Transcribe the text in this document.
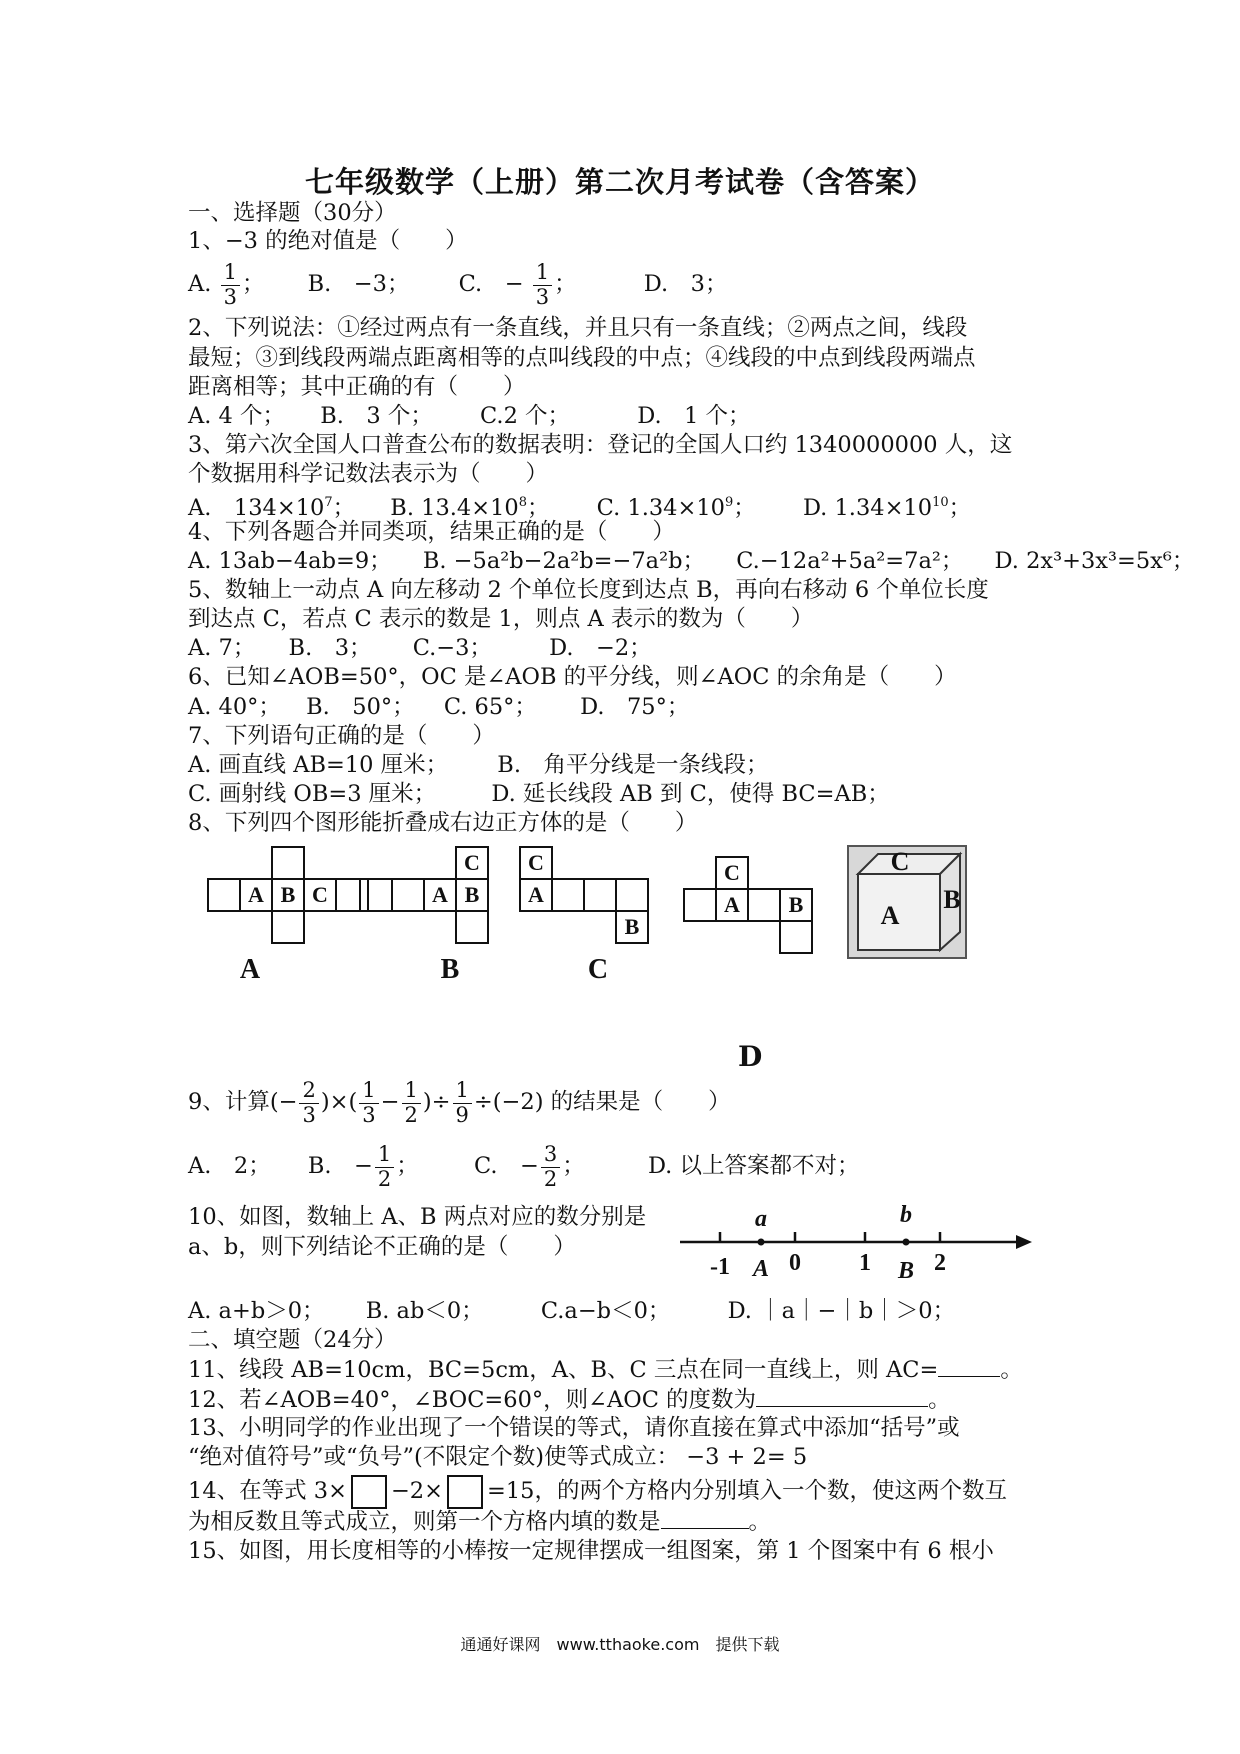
七年级数学（上册）第二次月考试卷（含答案）
一、选择题（30分）
1、−3 的绝对值是（　　）
A. $\frac{1}{3}$ ； B.　−3； C.　− $\frac{1}{3}$ ；	D.　3；
2、下列说法：①经过两点有一条直线，并且只有一条直线；②两点之间，线段
最短；③到线段两端点距离相等的点叫线段的中点；④线段的中点到线段两端点
距离相等；其中正确的有（　　）
A. 4 个； B.　3 个； C.2 个；	D.　1 个；
3、第六次全国人口普查公布的数据表明：登记的全国人口约 1340000000 人，这
个数据用科学记数法表示为（　　）
A.　$134\times 10^7$； B. $13.4\times 10^8$； C. $1.34\times 10^9$； D. $1.34\times 10^{10}$；
4、下列各题合并同类项，结果正确的是（　　）
A. 13ab−4ab=9； B. −5a²b−2a²b=−7a²b； C.−12a²+5a²=7a²； D. 2x³+3x³=5x⁶；
5、数轴上一动点 A 向左移动 2 个单位长度到达点 B，再向右移动 6 个单位长度
到达点 C，若点 C 表示的数是 1，则点 A 表示的数为（　　）
A. 7； B.　3； C.−3；	D.　−2；
6、已知∠AOB=50°，OC 是∠AOB 的平分线，则∠AOC 的余角是（　　）
A. 40°； B.　50°； C. 65°； D.　75°；
7、下列语句正确的是（　　）
A. 画直线 AB=10 厘米； B.　角平分线是一条线段；
C. 画射线 OB=3 厘米； D. 延长线段 AB 到 C，使得 BC=AB；
8、下列四个图形能折叠成右边正方体的是（　　）
A B C	A B
C C
A
B
C
A B
C
A
B
A	B	C
D
9、计算(− $\frac{2}{3}$ )×( $\frac{1}{3} - \frac{1}{2}$ )÷ $\frac{1}{9} \div(-2)$ 的结果是（　　）
A.　2； B.　− $\frac{1}{2}$ ； C.　− $\frac{3}{2}$ ；	D. 以上答案都不对；
10、如图，数轴上 A、B 两点对应的数分别是
a、b，则下列结论不正确的是（　　）
-1 0 1	2
a	b
A	B
A. a+b＞0； B. ab＜0；	C.a−b＜0；	D. ｜a｜−｜b｜＞0；
二、填空题（24分）
11、线段 AB=10cm，BC=5cm，A、B、C 三点在同一直线上，则 AC=	。
12、若∠AOB=40°，∠BOC=60°，则∠AOC 的度数为	。
13、小明同学的作业出现了一个错误的等式，请你直接在算式中添加“括号”或
“绝对值符号”或“负号”(不限定个数)使等式成立： −3 + 2= 5
14、在等式 3× −2× =15，的两个方格内分别填入一个数，使这两个数互
为相反数且等式成立，则第一个方格内填的数是	。
15、如图，用长度相等的小棒按一定规律摆成一组图案，第 1 个图案中有 6 根小
通通好课网　www.tthaoke.com　提供下载
